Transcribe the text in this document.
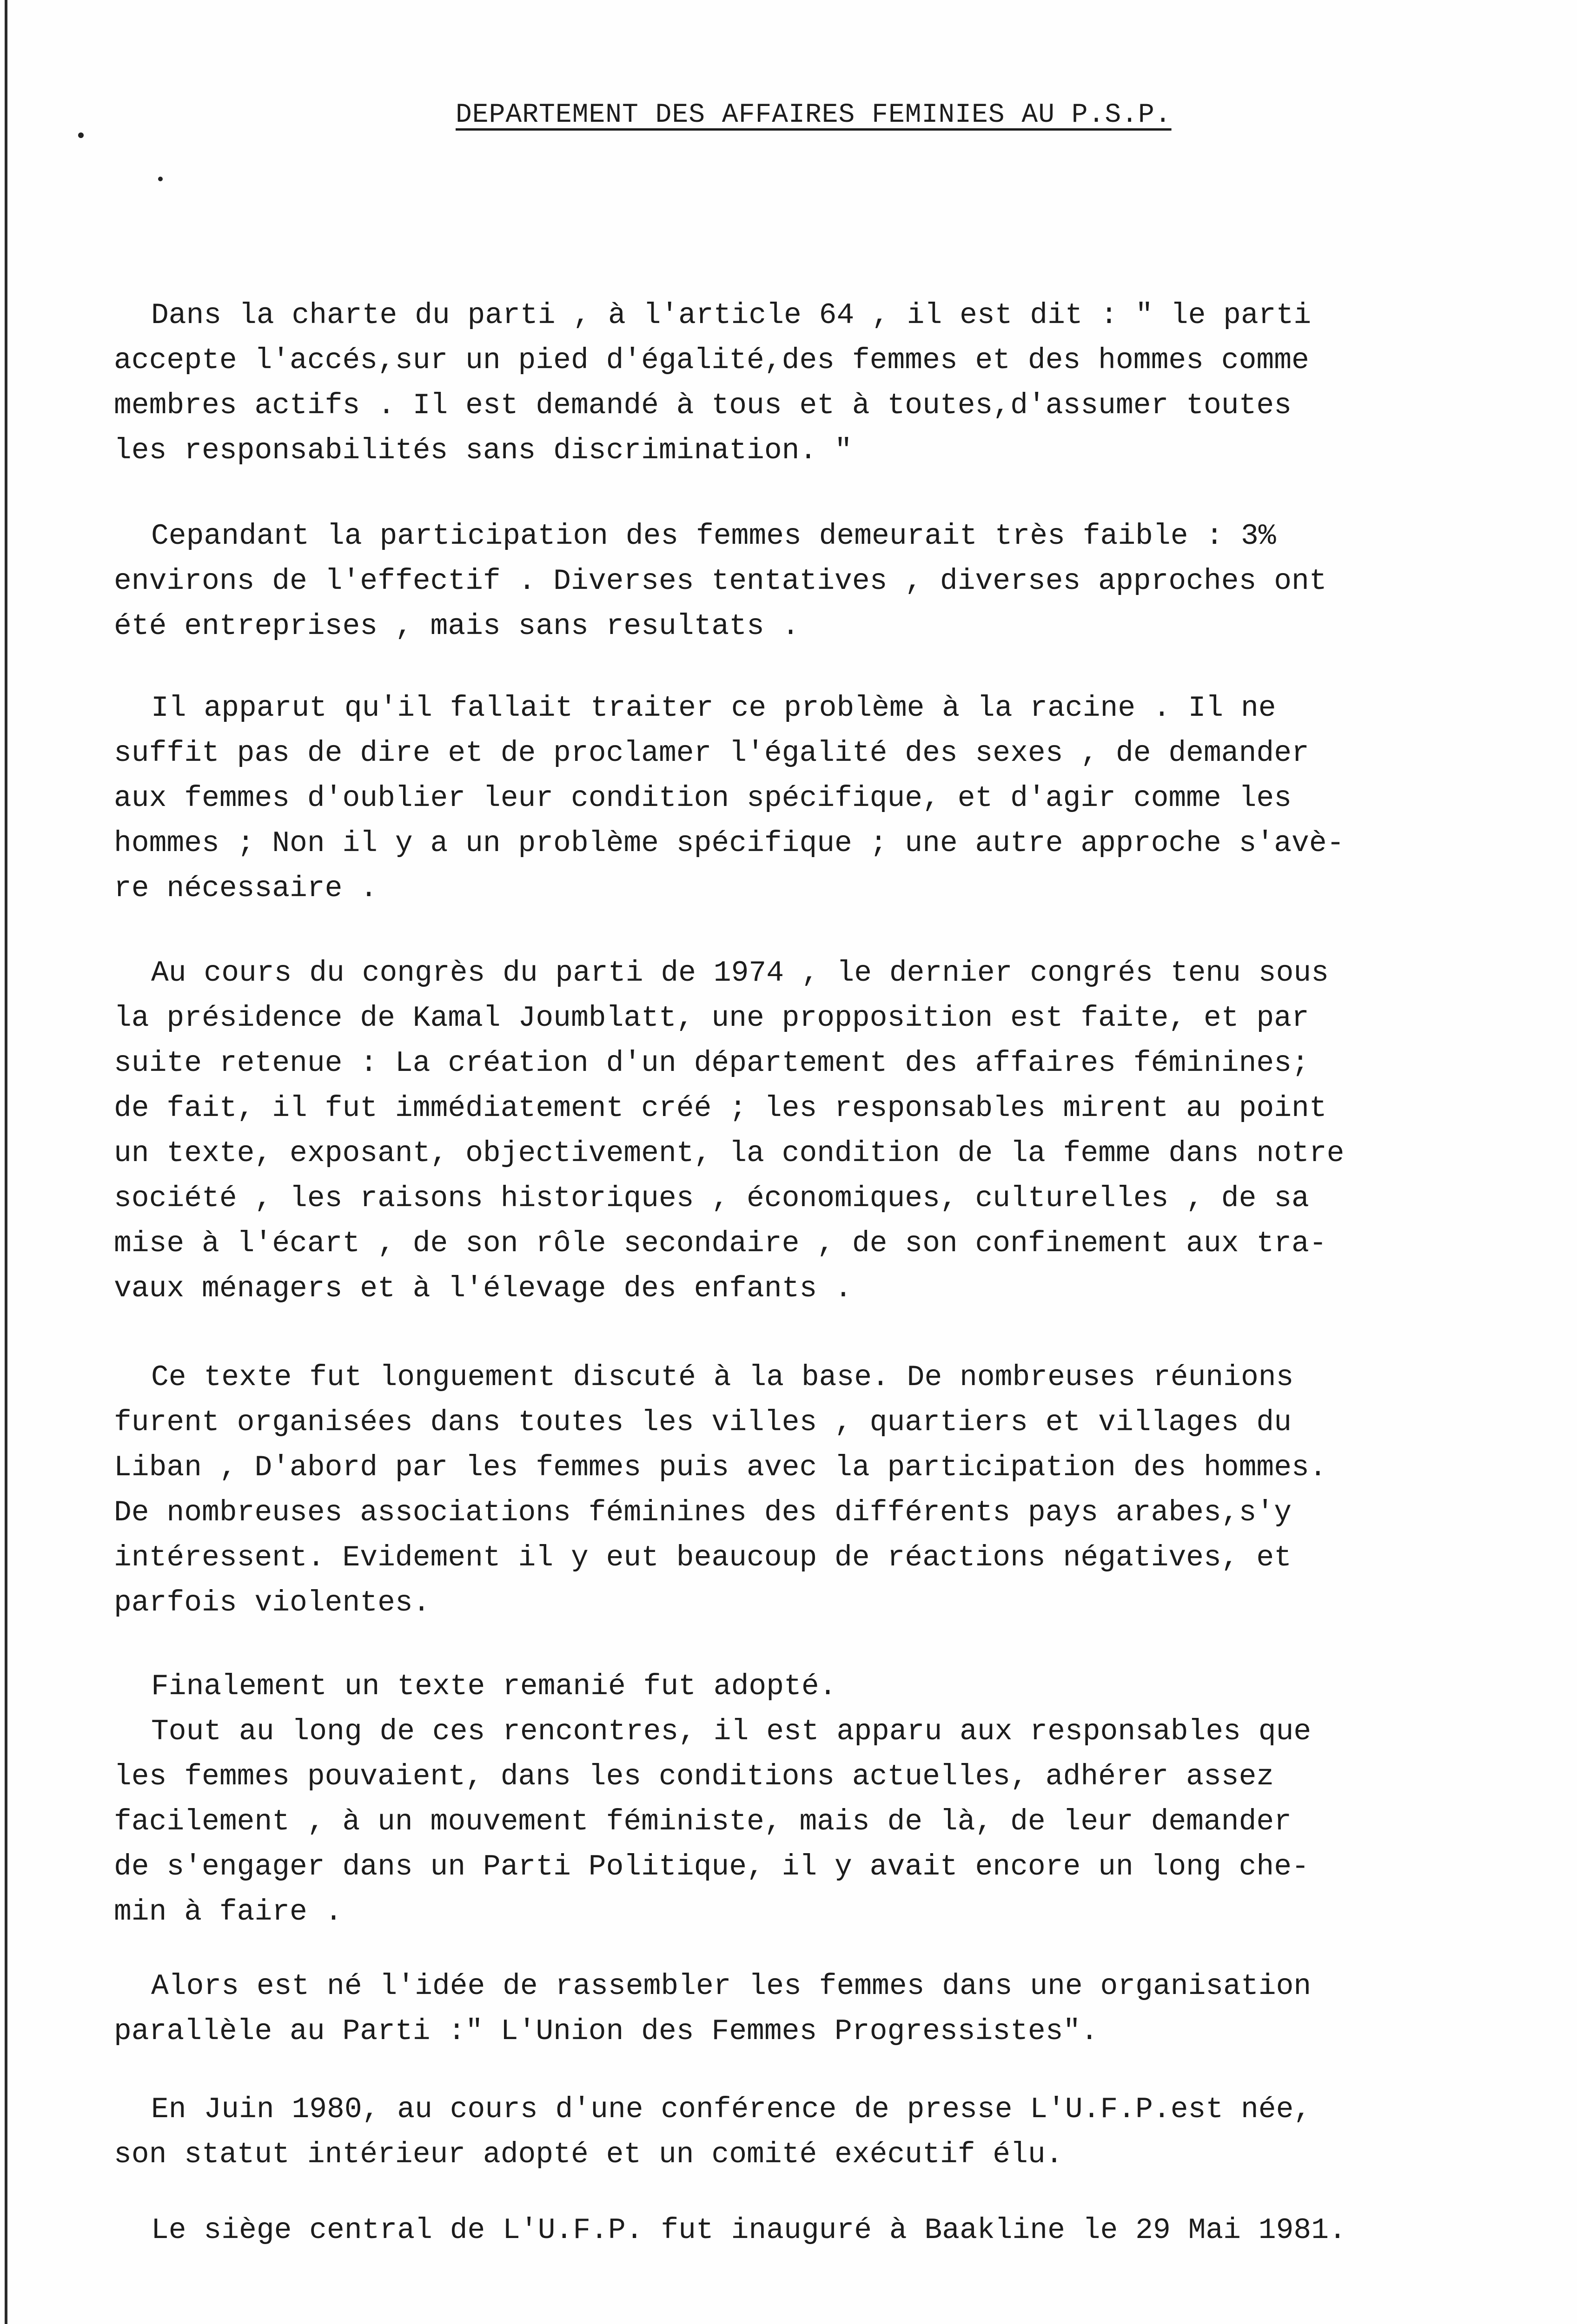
DEPARTEMENT DES AFFAIRES FEMINIES AU P.S.P.
Dans la charte du parti , à l'article 64 , il est dit : " le parti
accepte l'accés,sur un pied d'égalité,des femmes et des hommes comme
membres actifs . Il est demandé à tous et à toutes,d'assumer toutes
les responsabilités sans discrimination. "
Cepandant la participation des femmes demeurait très faible : 3%
environs de l'effectif . Diverses tentatives , diverses approches ont
été entreprises , mais sans resultats .
Il apparut qu'il fallait traiter ce problème à la racine . Il ne
suffit pas de dire et de proclamer l'égalité des sexes , de demander
aux femmes d'oublier leur condition spécifique, et d'agir comme les
hommes ; Non il y a un problème spécifique ; une autre approche s'avè-
re nécessaire .
Au cours du congrès du parti de 1974 , le dernier congrés tenu sous
la présidence de Kamal Joumblatt, une propposition est faite, et par
suite retenue : La création d'un département des affaires féminines;
de fait, il fut immédiatement créé ; les responsables mirent au point
un texte, exposant, objectivement, la condition de la femme dans notre
société , les raisons historiques , économiques, culturelles , de sa
mise à l'écart , de son rôle secondaire , de son confinement aux tra-
vaux ménagers et à l'élevage des enfants .
Ce texte fut longuement discuté à la base. De nombreuses réunions
furent organisées dans toutes les villes , quartiers et villages du
Liban , D'abord par les femmes puis avec la participation des hommes.
De nombreuses associations féminines des différents pays arabes,s'y
intéressent. Evidement il y eut beaucoup de réactions négatives, et
parfois violentes.
Finalement un texte remanié fut adopté.
Tout au long de ces rencontres, il est apparu aux responsables que
les femmes pouvaient, dans les conditions actuelles, adhérer assez
facilement , à un mouvement féministe, mais de là, de leur demander
de s'engager dans un Parti Politique, il y avait encore un long che-
min à faire .
Alors est né l'idée de rassembler les femmes dans une organisation
parallèle au Parti :" L'Union des Femmes Progressistes".
En Juin 1980, au cours d'une conférence de presse L'U.F.P.est née,
son statut intérieur adopté et un comité exécutif élu.
Le siège central de L'U.F.P. fut inauguré à Baakline le 29 Mai 1981.
